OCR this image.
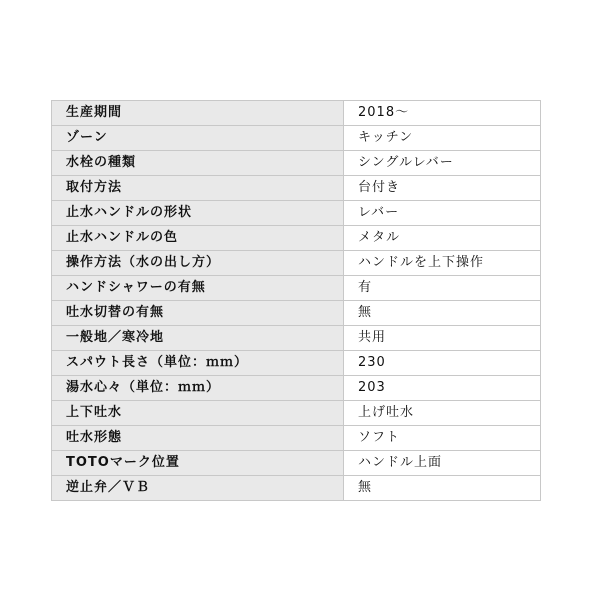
生産期間	2018～
ゾーン	キッチン
水栓の種類	シングルレバー
取付方法	台付き
止水ハンドルの形状	レバー
止水ハンドルの色	メタル
操作方法（水の出し方）	ハンドルを上下操作
ハンドシャワーの有無	有
吐水切替の有無	無
一般地／寒冷地	共用
スパウト長さ（単位：ｍｍ）	230
湯水心々（単位：ｍｍ）	203
上下吐水	上げ吐水
吐水形態	ソフト
TOTOマーク位置	ハンドル上面
逆止弁／ＶＢ	無
